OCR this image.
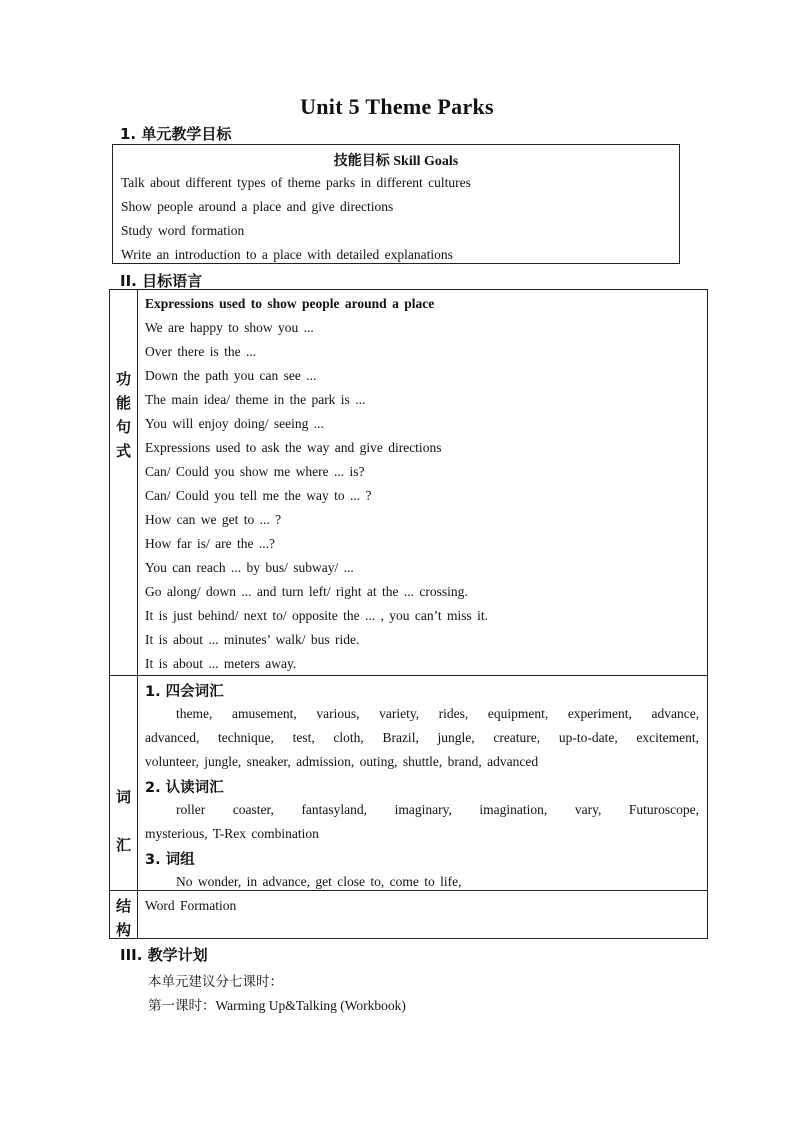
Unit 5 Theme Parks
1. 单元教学目标
技能目标 Skill Goals
Talk about different types of theme parks in different cultures
Show people around a place and give directions
Study word formation
Write an introduction to a place with detailed explanations
II. 目标语言
功
能
句
式
Expressions used to show people around a place
We are happy to show you ...
Over there is the ...
Down the path you can see ...
The main idea/ theme in the park is ...
You will enjoy doing/ seeing ...
Expressions used to ask the way and give directions
Can/ Could you show me where ... is?
Can/ Could you tell me the way to ... ?
How can we get to ... ?
How far is/ are the ...?
You can reach ... by bus/ subway/ ...
Go along/ down ... and turn left/ right at the ... crossing.
It is just behind/ next to/ opposite the ... , you can’t miss it.
It is about ... minutes’ walk/ bus ride.
It is about ... meters away.
词
汇
1. 四会词汇
theme, amusement, various, variety, rides, equipment, experiment, advance,
advanced, technique, test, cloth, Brazil, jungle, creature, up-to-date, excitement,
volunteer, jungle, sneaker, admission, outing, shuttle, brand, advanced
2. 认读词汇
roller coaster, fantasyland, imaginary, imagination, vary, Futuroscope,
mysterious, T-Rex combination
3. 词组
No wonder, in advance, get close to, come to life,
结
构
Word Formation
III. 教学计划
本单元建议分七课时：
第一课时：Warming Up&Talking (Workbook)
